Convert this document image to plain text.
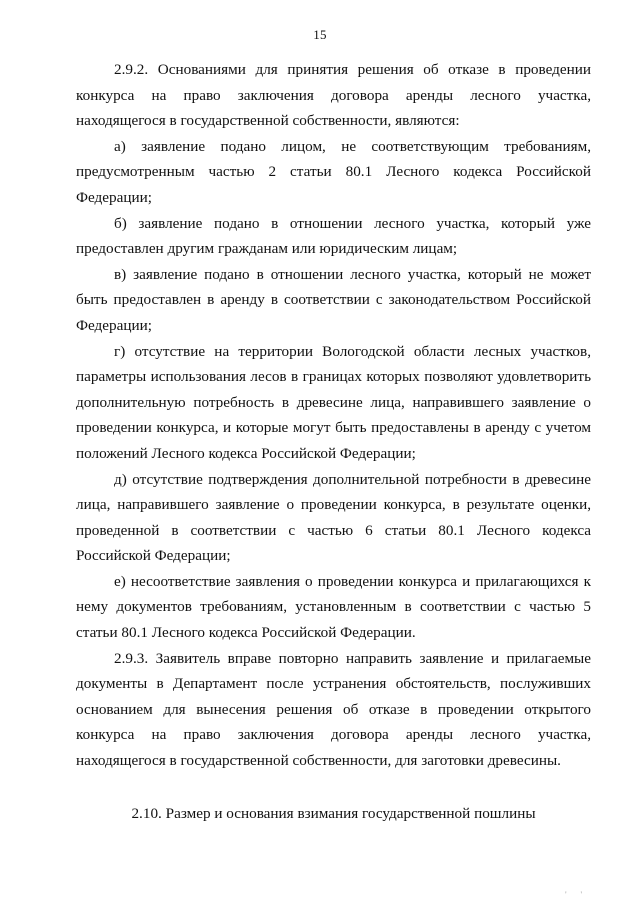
15

2.9.2. Основаниями для принятия решения об отказе в проведении конкурса на право заключения договора аренды лесного участка, находящегося в государственной собственности, являются:

а) заявление подано лицом, не соответствующим требованиям, предусмотренным частью 2 статьи 80.1 Лесного кодекса Российской Федерации;

б) заявление подано в отношении лесного участка, который уже предоставлен другим гражданам или юридическим лицам;

в) заявление подано в отношении лесного участка, который не может быть предоставлен в аренду в соответствии с законодательством Российской Федерации;

г) отсутствие на территории Вологодской области лесных участков, параметры использования лесов в границах которых позволяют удовлетворить дополнительную потребность в древесине лица, направившего заявление о проведении конкурса, и которые могут быть предоставлены в аренду с учетом положений Лесного кодекса Российской Федерации;

д) отсутствие подтверждения дополнительной потребности в древесине лица, направившего заявление о проведении конкурса, в результате оценки, проведенной в соответствии с частью 6 статьи 80.1 Лесного кодекса Российской Федерации;

е) несоответствие заявления о проведении конкурса и прилагающихся к нему документов требованиям, установленным в соответствии с частью 5 статьи 80.1 Лесного кодекса Российской Федерации.

2.9.3. Заявитель вправе повторно направить заявление и прилагаемые документы в Департамент после устранения обстоятельств, послуживших основанием для вынесения решения об отказе в проведении открытого конкурса на право заключения договора аренды лесного участка, находящегося в государственной собственности, для заготовки древесины.

2.10. Размер и основания взимания государственной пошлины
' '
